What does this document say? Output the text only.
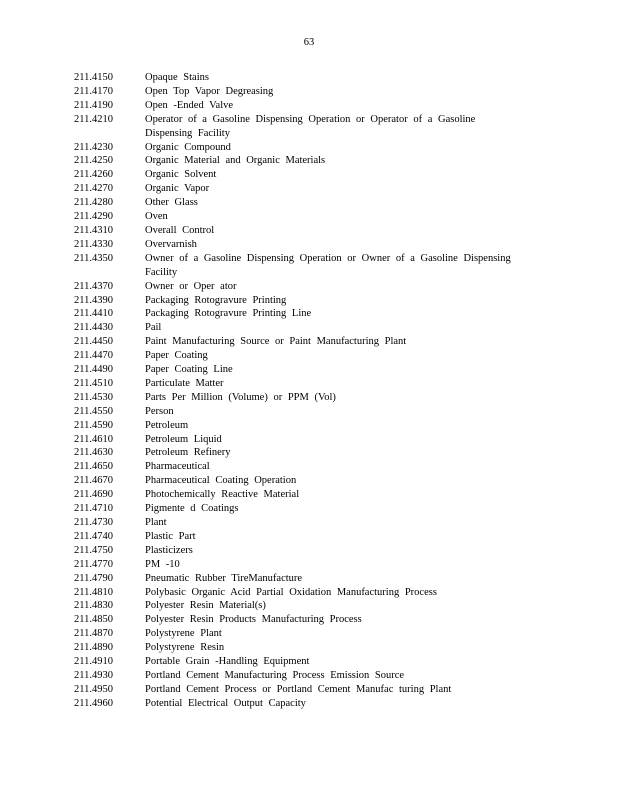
63
211.4150	Opaque Stains
211.4170	Open Top Vapor Degreasing
211.4190	Open -Ended Valve
211.4210	Operator of a Gasoline Dispensing Operation or Operator of a Gasoline Dispensing Facility
211.4230	Organic Compound
211.4250	Organic Material and Organic Materials
211.4260	Organic Solvent
211.4270	Organic Vapor
211.4280	Other Glass
211.4290	Oven
211.4310	Overall Control
211.4330	Overvarnish
211.4350	Owner of a Gasoline Dispensing Operation or Owner of a Gasoline Dispensing Facility
211.4370	Owner or Oper ator
211.4390	Packaging Rotogravure Printing
211.4410	Packaging Rotogravure Printing Line
211.4430	Pail
211.4450	Paint Manufacturing Source or Paint Manufacturing Plant
211.4470	Paper Coating
211.4490	Paper Coating Line
211.4510	Particulate Matter
211.4530	Parts Per Million (Volume) or PPM (Vol)
211.4550	Person
211.4590	Petroleum
211.4610	Petroleum Liquid
211.4630	Petroleum Refinery
211.4650	Pharmaceutical
211.4670	Pharmaceutical Coating Operation
211.4690	Photochemically Reactive Material
211.4710	Pigmente d Coatings
211.4730	Plant
211.4740	Plastic Part
211.4750	Plasticizers
211.4770	PM -10
211.4790	Pneumatic Rubber TireManufacture
211.4810	Polybasic Organic Acid Partial Oxidation Manufacturing Process
211.4830	Polyester Resin Material(s)
211.4850	Polyester Resin Products Manufacturing Process
211.4870	Polystyrene Plant
211.4890	Polystyrene Resin
211.4910	Portable Grain -Handling Equipment
211.4930	Portland Cement Manufacturing Process Emission Source
211.4950	Portland Cement Process or Portland Cement Manufac turing Plant
211.4960	Potential Electrical Output Capacity
